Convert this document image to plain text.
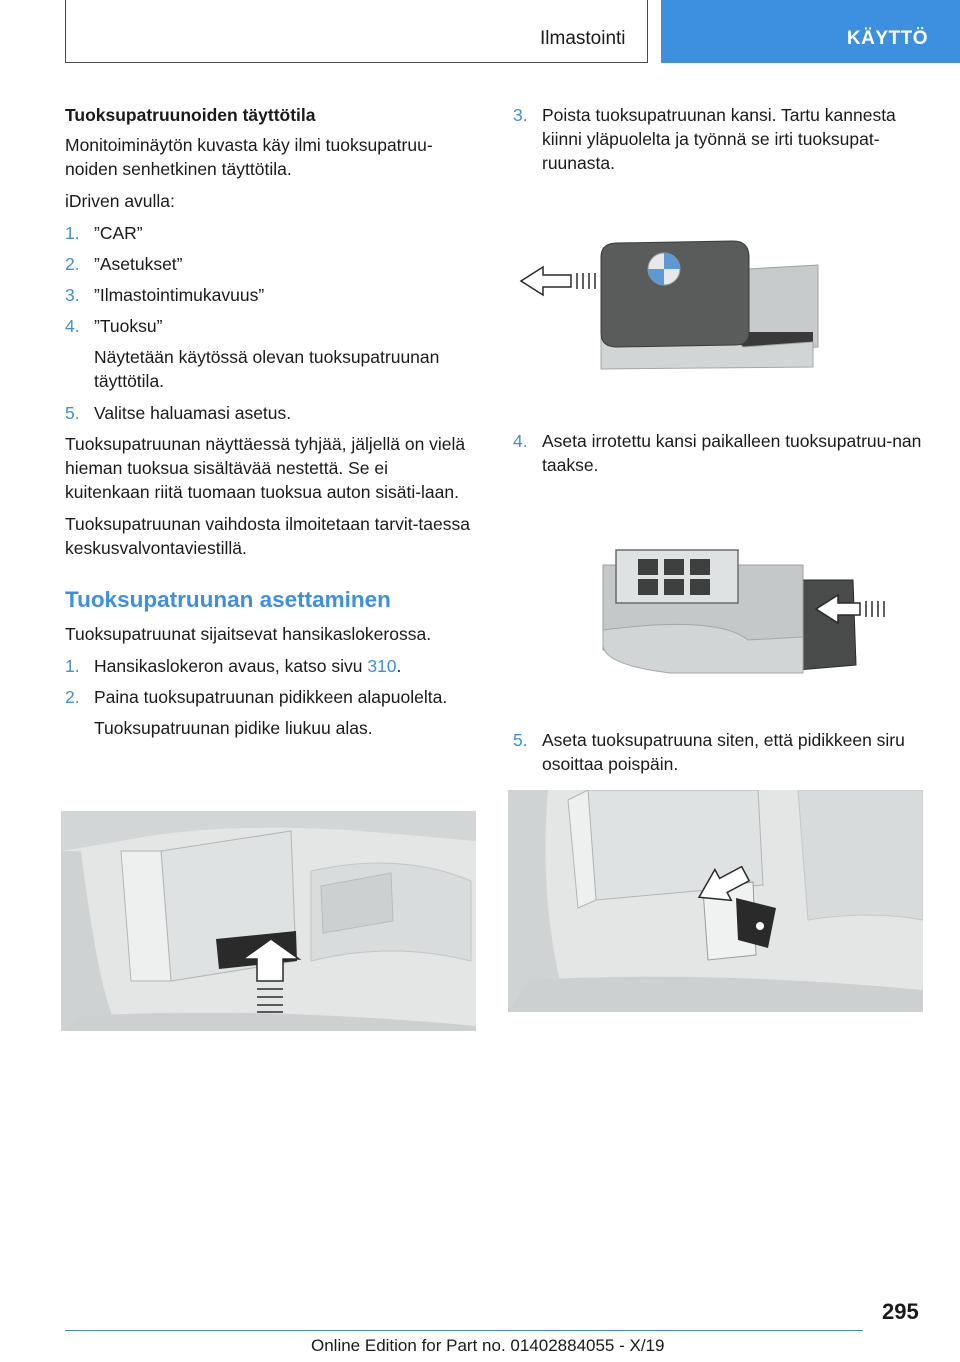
Ilmastointi	KÄYTTÖ
Tuoksupatruunoiden täyttötila
Monitoiminäytön kuvasta käy ilmi tuoksupatruu-noiden senhetkinen täyttötila.
iDriven avulla:
1. ”CAR”
2. ”Asetukset”
3. ”Ilmastointimukavuus”
4. ”Tuoksu”
Näytetään käytössä olevan tuoksupatruunan täyttötila.
5. Valitse haluamasi asetus.
Tuoksupatruunan näyttäessä tyhjää, jäljellä on vielä hieman tuoksua sisältävää nestettä. Se ei kuitenkaan riitä tuomaan tuoksua auton sisäti-laan.
Tuoksupatruunan vaihdosta ilmoitetaan tarvit-taessa keskusvalvontaviestillä.
Tuoksupatruunan asettaminen
Tuoksupatruunat sijaitsevat hansikaslokerossa.
1. Hansikaslokeron avaus, katso sivu 310.
2. Paina tuoksupatruunan pidikkeen alapuolelta.
Tuoksupatruunan pidike liukuu alas.
3. Poista tuoksupatruunan kansi. Tartu kannesta kiinni yläpuolelta ja työnnä se irti tuoksupat-ruunasta.
4. Aseta irrotettu kansi paikalleen tuoksupatruu-nan taakse.
5. Aseta tuoksupatruuna siten, että pidikkeen siru osoittaa poispäin.
295
Online Edition for Part no. 01402884055 - X/19
